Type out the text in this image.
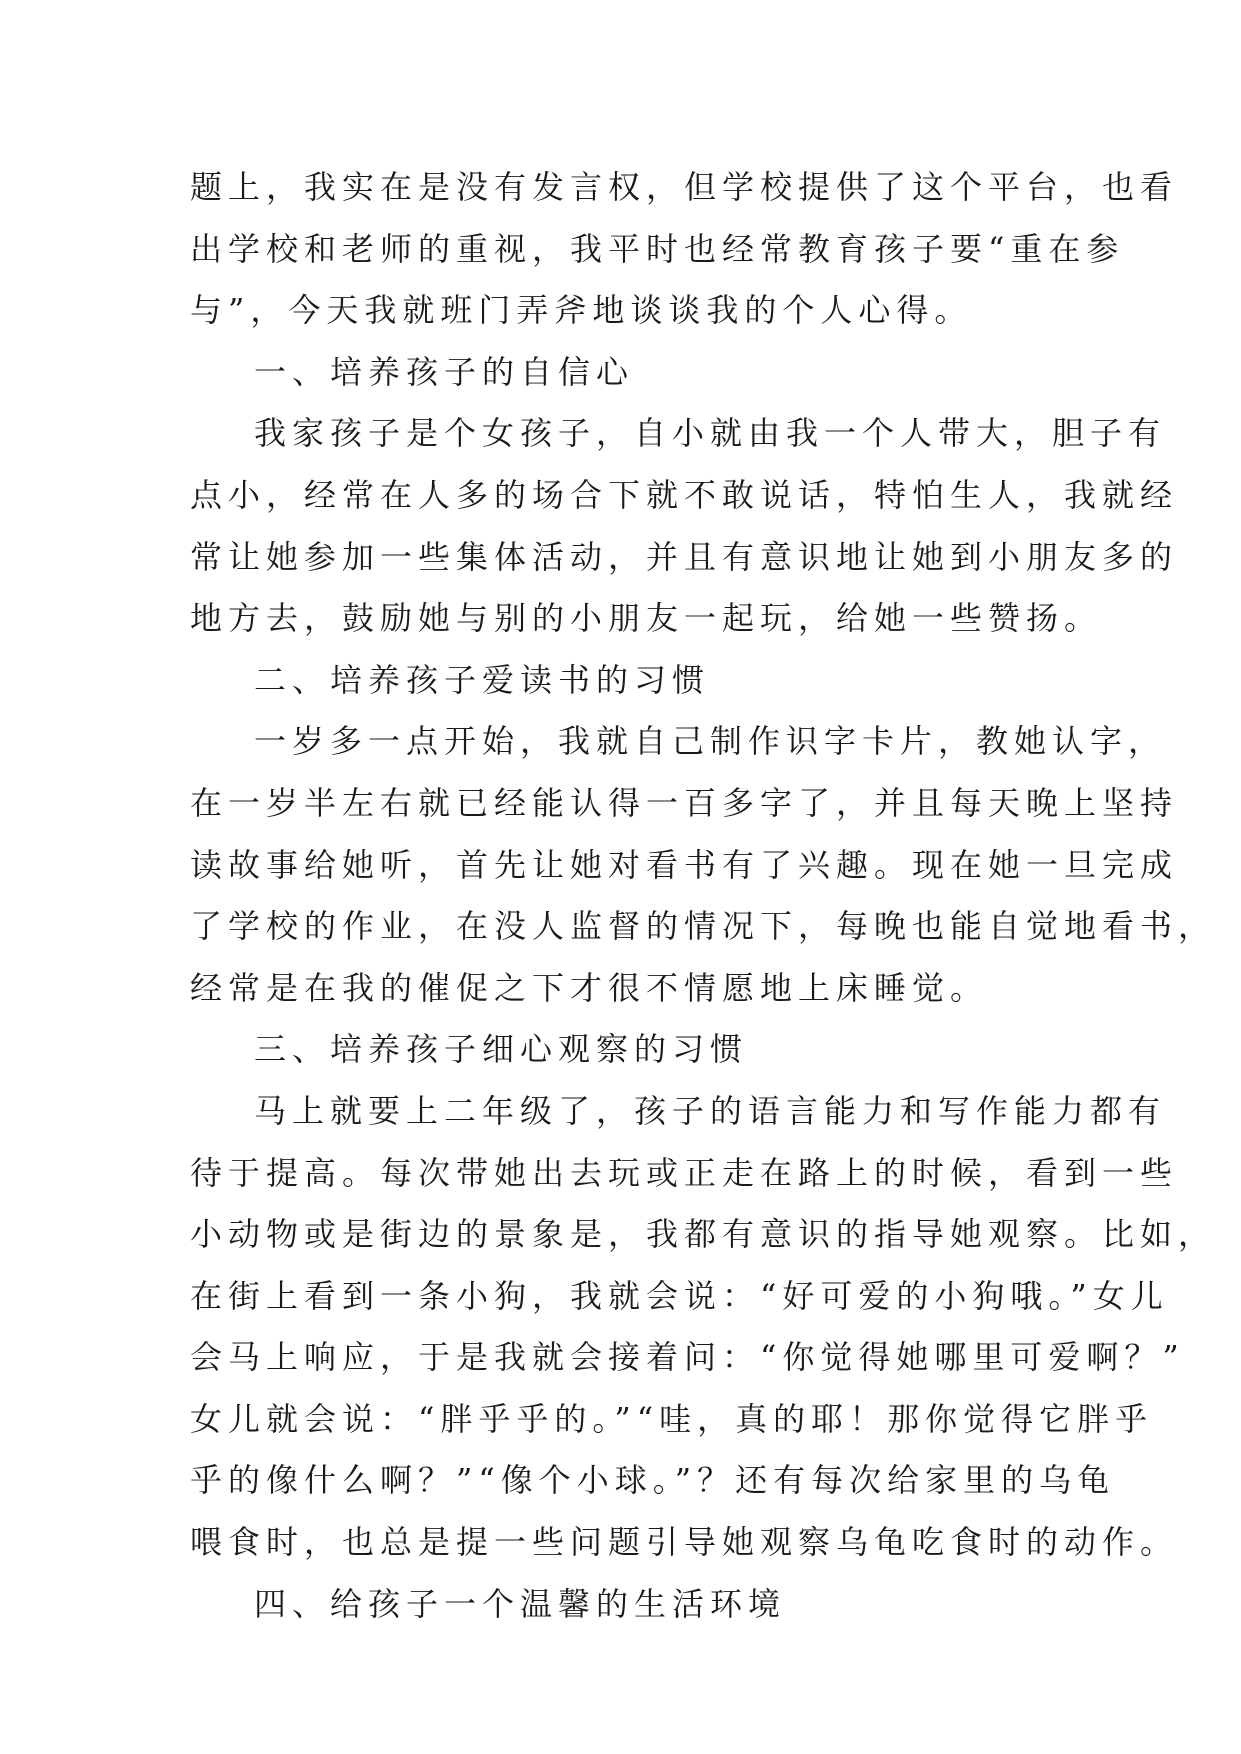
题上，我实在是没有发言权，但学校提供了这个平台，也看
出学校和老师的重视，我平时也经常教育孩子要“重在参
与”，今天我就班门弄斧地谈谈我的个人心得。
一、培养孩子的自信心
我家孩子是个女孩子，自小就由我一个人带大，胆子有
点小，经常在人多的场合下就不敢说话，特怕生人，我就经
常让她参加一些集体活动，并且有意识地让她到小朋友多的
地方去，鼓励她与别的小朋友一起玩，给她一些赞扬。
二、培养孩子爱读书的习惯
一岁多一点开始，我就自己制作识字卡片，教她认字，
在一岁半左右就已经能认得一百多字了，并且每天晚上坚持
读故事给她听，首先让她对看书有了兴趣。现在她一旦完成
了学校的作业，在没人监督的情况下，每晚也能自觉地看书，
经常是在我的催促之下才很不情愿地上床睡觉。
三、培养孩子细心观察的习惯
马上就要上二年级了，孩子的语言能力和写作能力都有
待于提高。每次带她出去玩或正走在路上的时候，看到一些
小动物或是街边的景象是，我都有意识的指导她观察。比如，
在街上看到一条小狗，我就会说：“好可爱的小狗哦。”女儿
会马上响应，于是我就会接着问：“你觉得她哪里可爱啊？”
女儿就会说：“胖乎乎的。”“哇，真的耶！那你觉得它胖乎
乎的像什么啊？”“像个小球。”？还有每次给家里的乌龟
喂食时，也总是提一些问题引导她观察乌龟吃食时的动作。
四、给孩子一个温馨的生活环境
